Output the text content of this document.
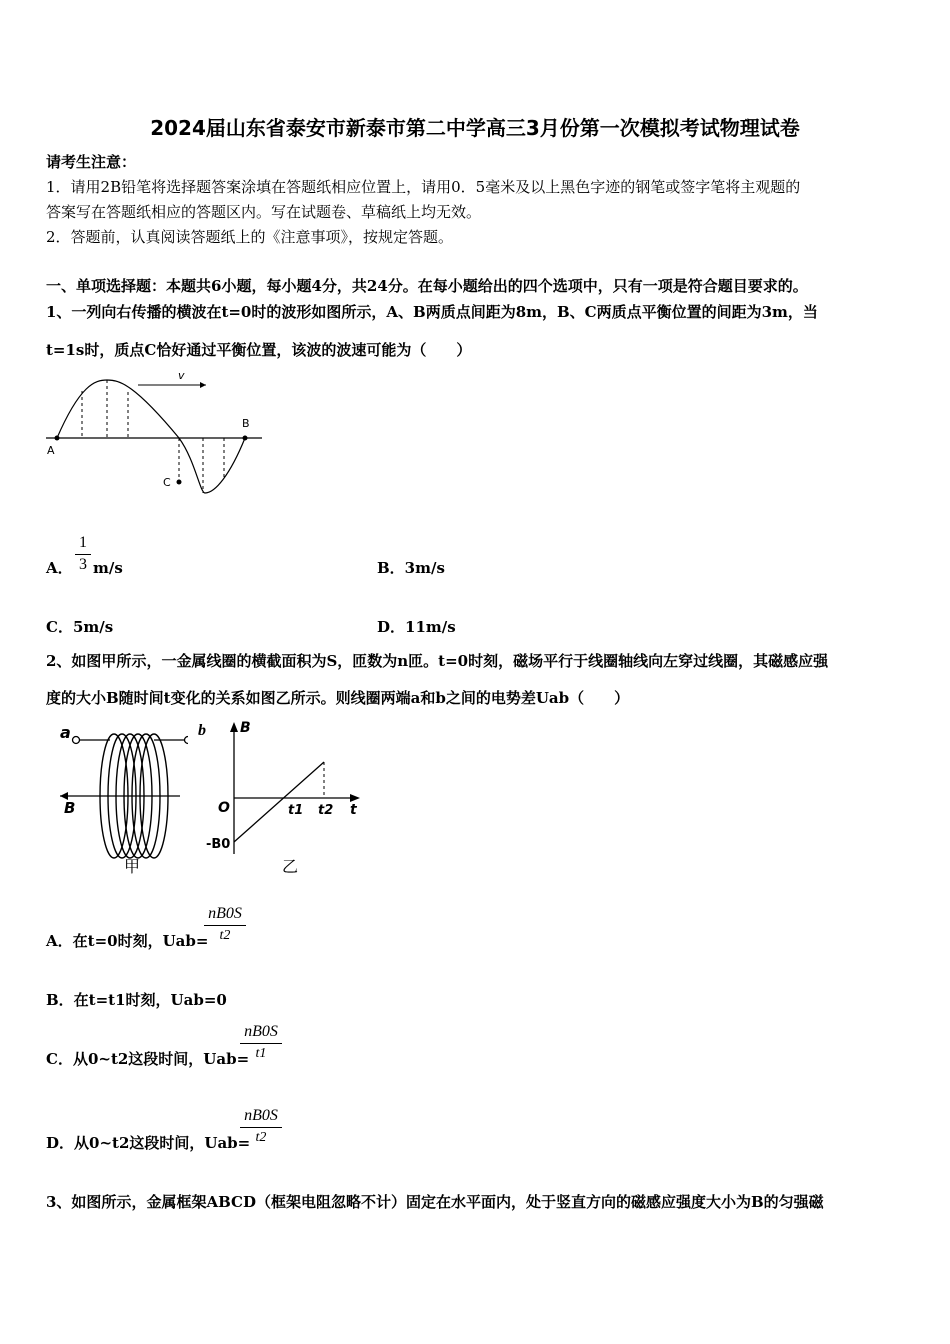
2024届山东省泰安市新泰市第二中学高三3月份第一次模拟考试物理试卷
请考生注意：
1．请用2B铅笔将选择题答案涂填在答题纸相应位置上，请用0．5毫米及以上黑色字迹的钢笔或签字笔将主观题的
答案写在答题纸相应的答题区内。写在试题卷、草稿纸上均无效。
2．答题前，认真阅读答题纸上的《注意事项》，按规定答题。
一、单项选择题：本题共6小题，每小题4分，共24分。在每小题给出的四个选项中，只有一项是符合题目要求的。
1、一列向右传播的横波在t=0时的波形如图所示，A、B两质点间距为8m，B、C两质点平衡位置的间距为3m，当
t=1s时，质点C恰好通过平衡位置，该波的波速可能为（　　）
v
A
B
C
A．
1
3 m/s	B．3m/s
C．5m/s	D．11m/s
2、如图甲所示，一金属线圈的横截面积为S，匝数为n匝。t=0时刻，磁场平行于线圈轴线向左穿过线圈，其磁感应强
度的大小B随时间t变化的关系如图乙所示。则线圈两端a和b之间的电势差Uab（　　）
a
B
甲
b B
t
O	t1 t2
-B0
乙
A．在t=0时刻，Uab=
nB0S
t2
B．在t=t1时刻，Uab=0
C．从0~t2这段时间，Uab=
nB0S
t1
D．从0~t2这段时间，Uab=
nB0S
t2
3、如图所示，金属框架ABCD（框架电阻忽略不计）固定在水平面内，处于竖直方向的磁感应强度大小为B的匀强磁
